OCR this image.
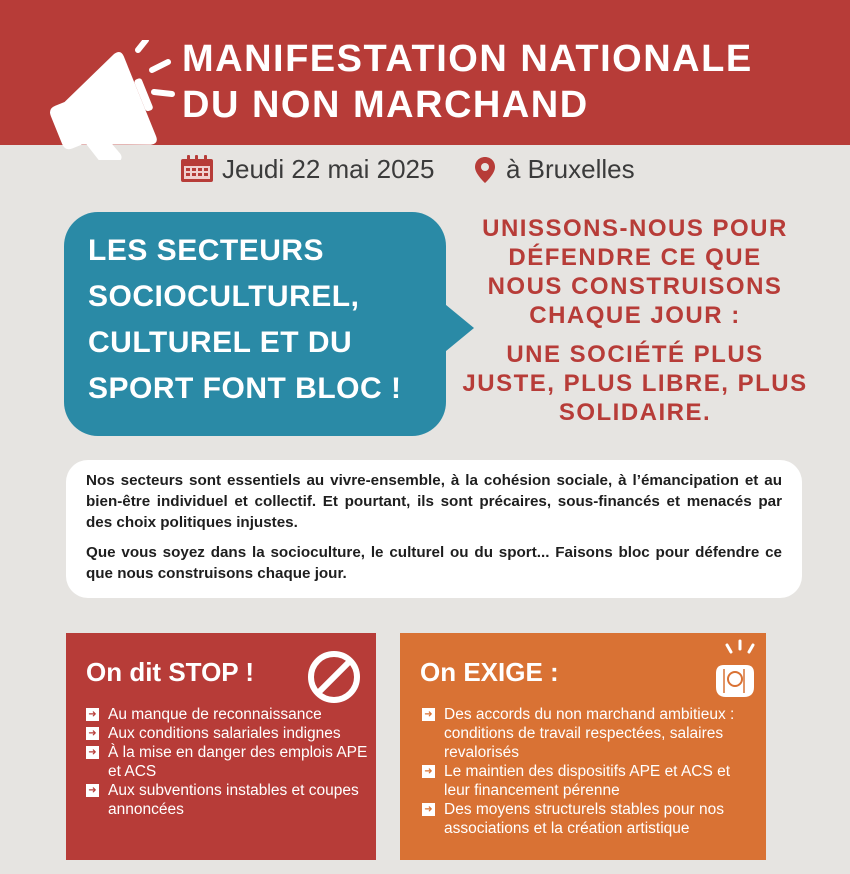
MANIFESTATION NATIONALE
DU NON MARCHAND
Jeudi 22 mai 2025	à Bruxelles
LES SECTEURS
SOCIOCULTUREL,
CULTUREL ET DU
SPORT FONT BLOC !
UNISSONS-NOUS POUR
DÉFENDRE CE QUE
NOUS CONSTRUISONS
CHAQUE JOUR :
UNE SOCIÉTÉ PLUS
JUSTE, PLUS LIBRE, PLUS
SOLIDAIRE.

Nos secteurs sont essentiels au vivre-ensemble, à la cohésion sociale, à l’émancipation et au bien-être individuel et collectif. Et pourtant, ils sont précaires, sous-financés et menacés par des choix politiques injustes.

Que vous soyez dans la socioculture, le culturel ou du sport... Faisons bloc pour défendre ce que nous construisons chaque jour.

On dit STOP !
➜ Au manque de reconnaissance
➜ Aux conditions salariales indignes
➜ À la mise en danger des emplois APE et ACS
➜ Aux subventions instables et coupes annoncées
On EXIGE :
➜ Des accords du non marchand ambitieux : conditions de travail respectées, salaires revalorisés
➜ Le maintien des dispositifs APE et ACS et leur financement pérenne
➜ Des moyens structurels stables pour nos associations et la création artistique
